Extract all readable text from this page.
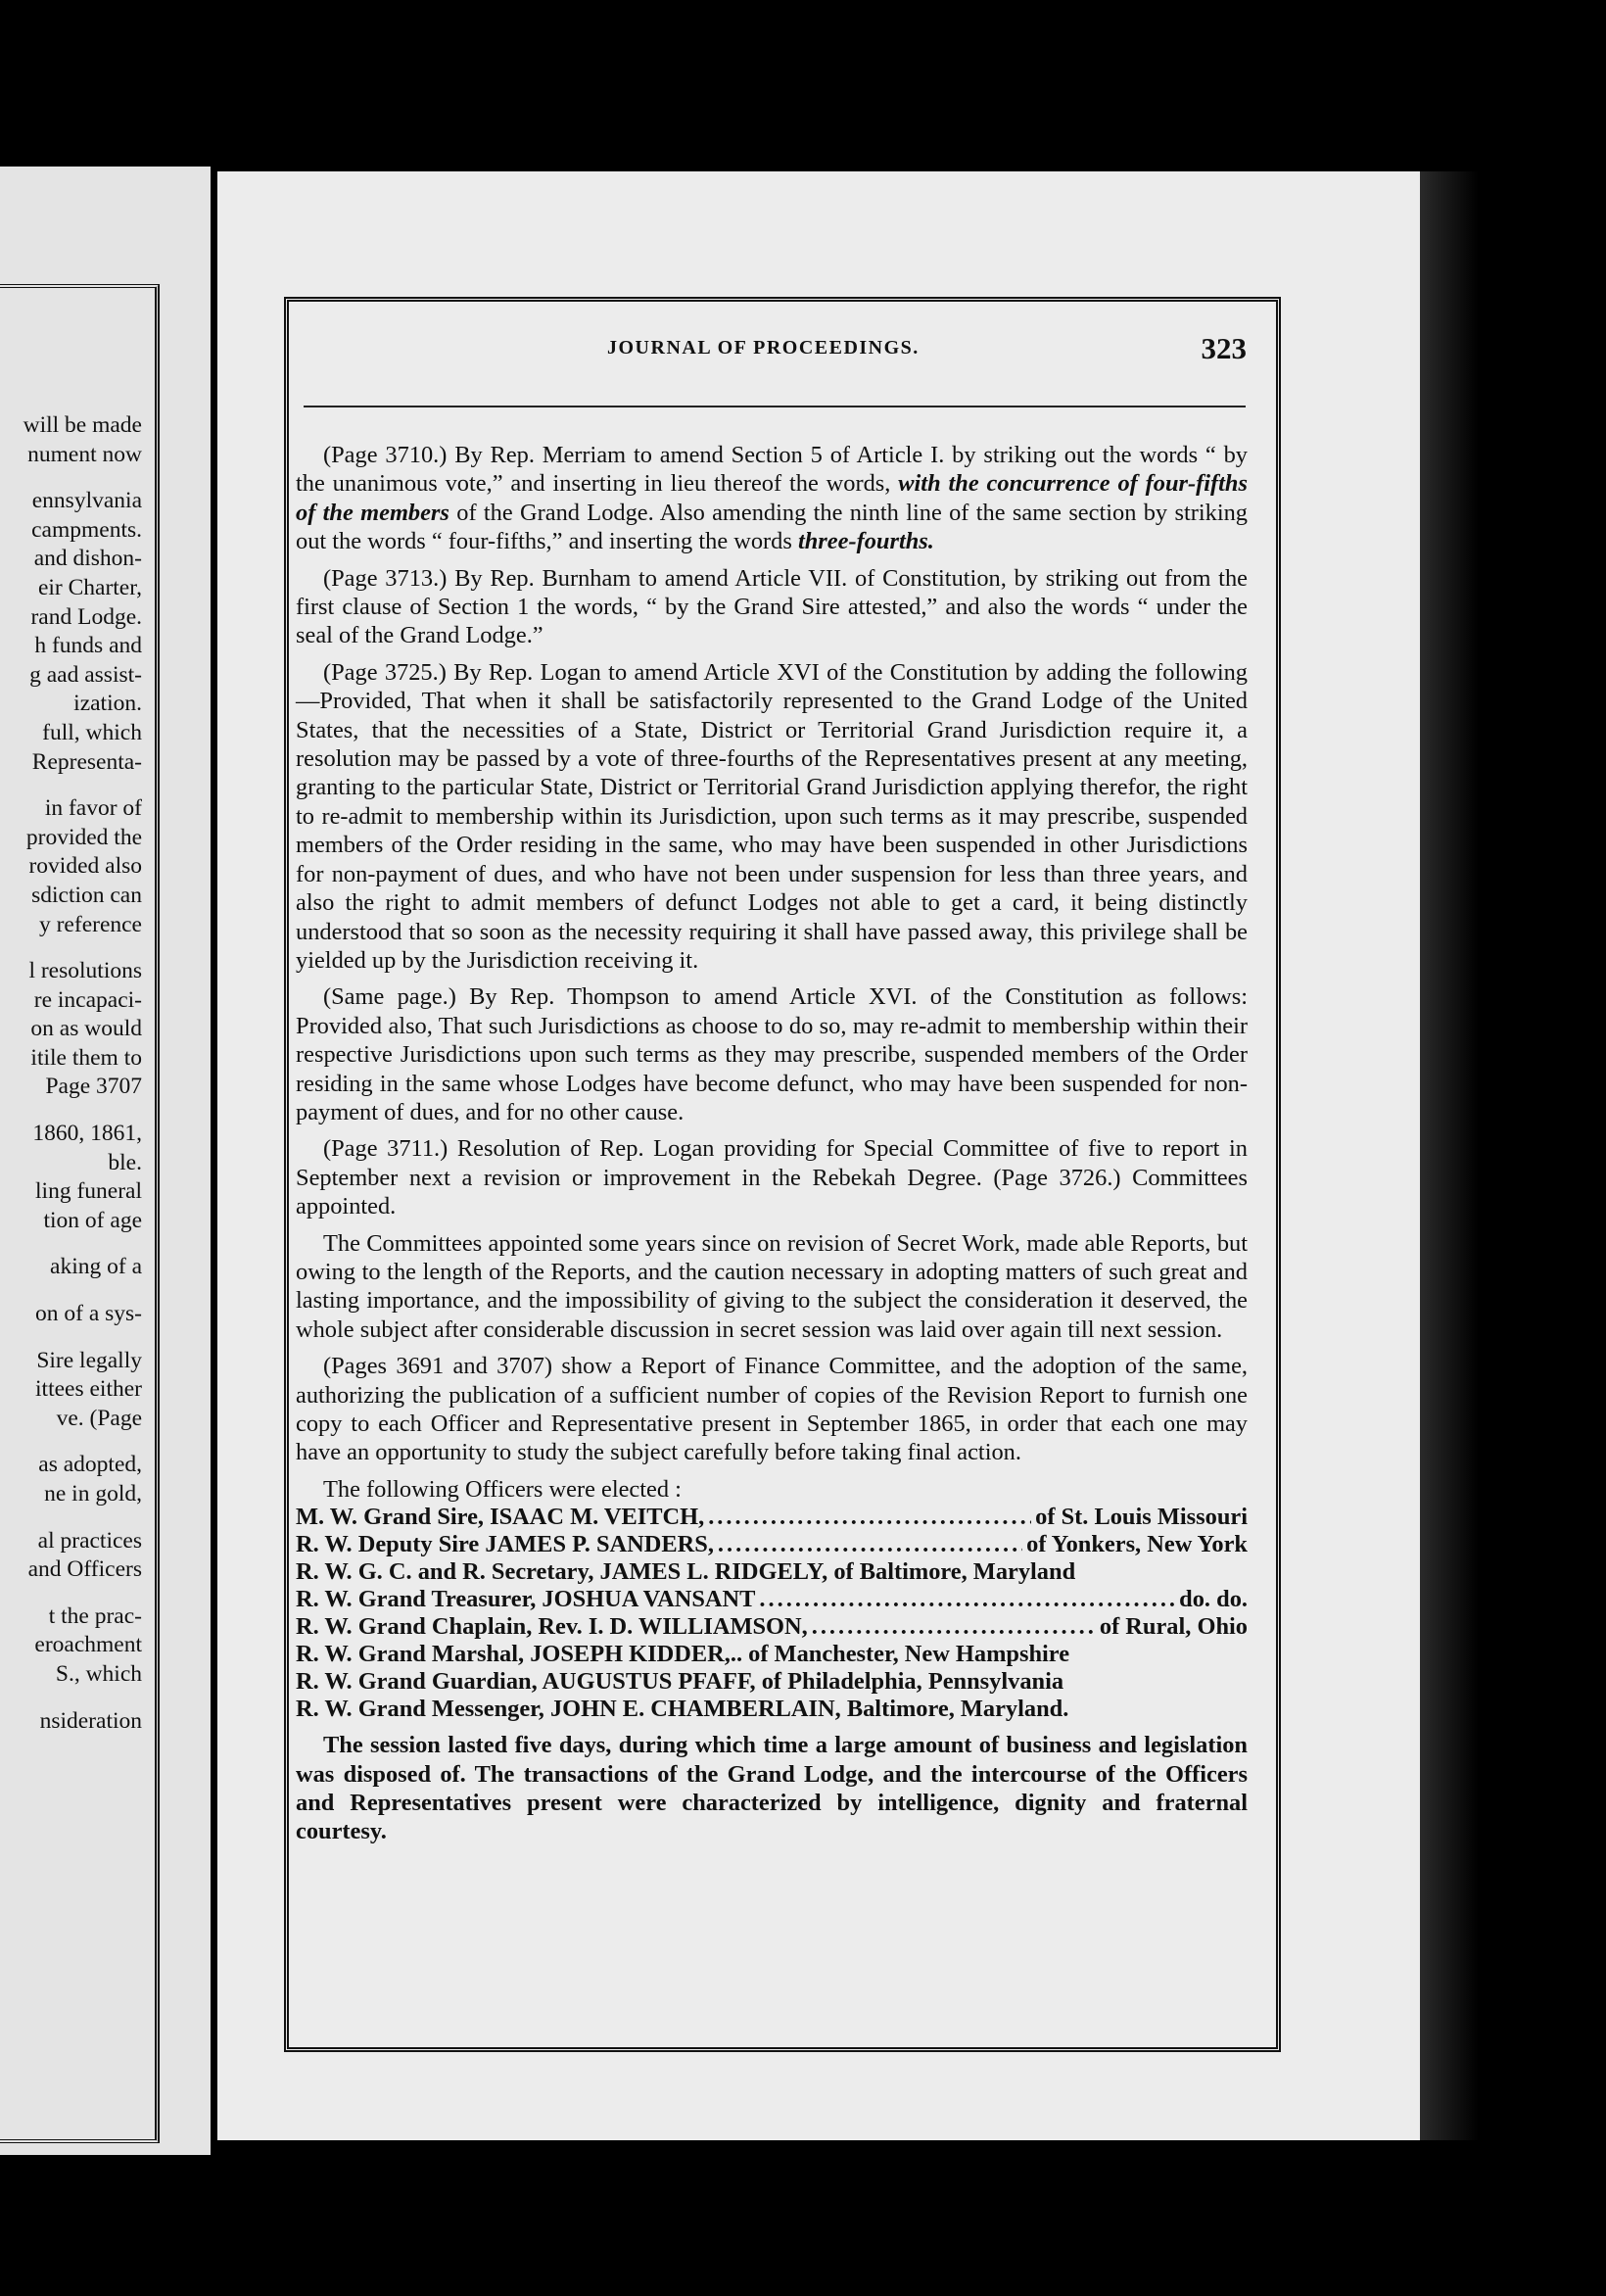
will be made
nument now
ennsylvania
campments.
and dishon-
eir Charter,
rand Lodge.
h funds and
g aad assist-
ization.
full, which
Representa-
in favor of
provided the
rovided also
sdiction can
y reference
l resolutions
re incapaci-
on as would
itile them to
Page 3707
1860, 1861,
ble.
ling funeral
tion of age
aking of a
on of a sys-
Sire legally
ittees either
ve. (Page
as adopted,
ne in gold,
al practices
and Officers
t the prac-
eroachment
S., which
nsideration
JOURNAL OF PROCEEDINGS.	323

(Page 3710.) By Rep. Merriam to amend Section 5 of Article I. by striking out the words “ by the unanimous vote,” and inserting in lieu thereof the words, with the concurrence of four-fifths of the members of the Grand Lodge. Also amending the ninth line of the same section by striking out the words “ four-fifths,” and inserting the words three-fourths.

(Page 3713.) By Rep. Burnham to amend Article VII. of Constitution, by striking out from the first clause of Section 1 the words, “ by the Grand Sire attested,” and also the words “ under the seal of the Grand Lodge.”

(Page 3725.) By Rep. Logan to amend Article XVI of the Constitution by adding the following—Provided, That when it shall be satisfactorily represented to the Grand Lodge of the United States, that the necessities of a State, District or Territorial Grand Jurisdiction require it, a resolution may be passed by a vote of three-fourths of the Representatives present at any meeting, granting to the particular State, District or Territorial Grand Jurisdiction applying therefor, the right to re-admit to membership within its Jurisdiction, upon such terms as it may prescribe, suspended members of the Order residing in the same, who may have been suspended in other Jurisdictions for non-payment of dues, and who have not been under suspension for less than three years, and also the right to admit members of defunct Lodges not able to get a card, it being distinctly understood that so soon as the necessity requiring it shall have passed away, this privilege shall be yielded up by the Jurisdiction receiving it.

(Same page.) By Rep. Thompson to amend Article XVI. of the Constitution as follows: Provided also, That such Jurisdictions as choose to do so, may re-admit to membership within their respective Jurisdictions upon such terms as they may prescribe, suspended members of the Order residing in the same whose Lodges have become defunct, who may have been suspended for non-payment of dues, and for no other cause.

(Page 3711.) Resolution of Rep. Logan providing for Special Committee of five to report in September next a revision or improvement in the Rebekah Degree. (Page 3726.) Committees appointed.

The Committees appointed some years since on revision of Secret Work, made able Reports, but owing to the length of the Reports, and the caution necessary in adopting matters of such great and lasting importance, and the impossibility of giving to the subject the consideration it deserved, the whole subject after considerable discussion in secret session was laid over again till next session.

(Pages 3691 and 3707) show a Report of Finance Committee, and the adoption of the same, authorizing the publication of a sufficient number of copies of the Revision Report to furnish one copy to each Officer and Representative present in September 1865, in order that each one may have an opportunity to study the subject carefully before taking final action.

The following Officers were elected :

M. W. Grand Sire, ISAAC M. VEITCH, .....	of St. Louis Missouri
R. W. Deputy Sire JAMES P. SANDERS, .....	of Yonkers, New York
R. W. G. C. and R. Secretary, JAMES L. RIDGELY, of Baltimore, Maryland
R. W. Grand Treasurer, JOSHUA VANSANT .....	do. do.
R. W. Grand Chaplain, Rev. I. D. WILLIAMSON, .....	of Rural, Ohio
R. W. Grand Marshal, JOSEPH KIDDER,.. of Manchester, New Hampshire
R. W. Grand Guardian, AUGUSTUS PFAFF, of Philadelphia, Pennsylvania
R. W. Grand Messenger, JOHN E. CHAMBERLAIN, Baltimore, Maryland.

The session lasted five days, during which time a large amount of business and legislation was disposed of. The transactions of the Grand Lodge, and the intercourse of the Officers and Representatives present were characterized by intelligence, dignity and fraternal courtesy.
